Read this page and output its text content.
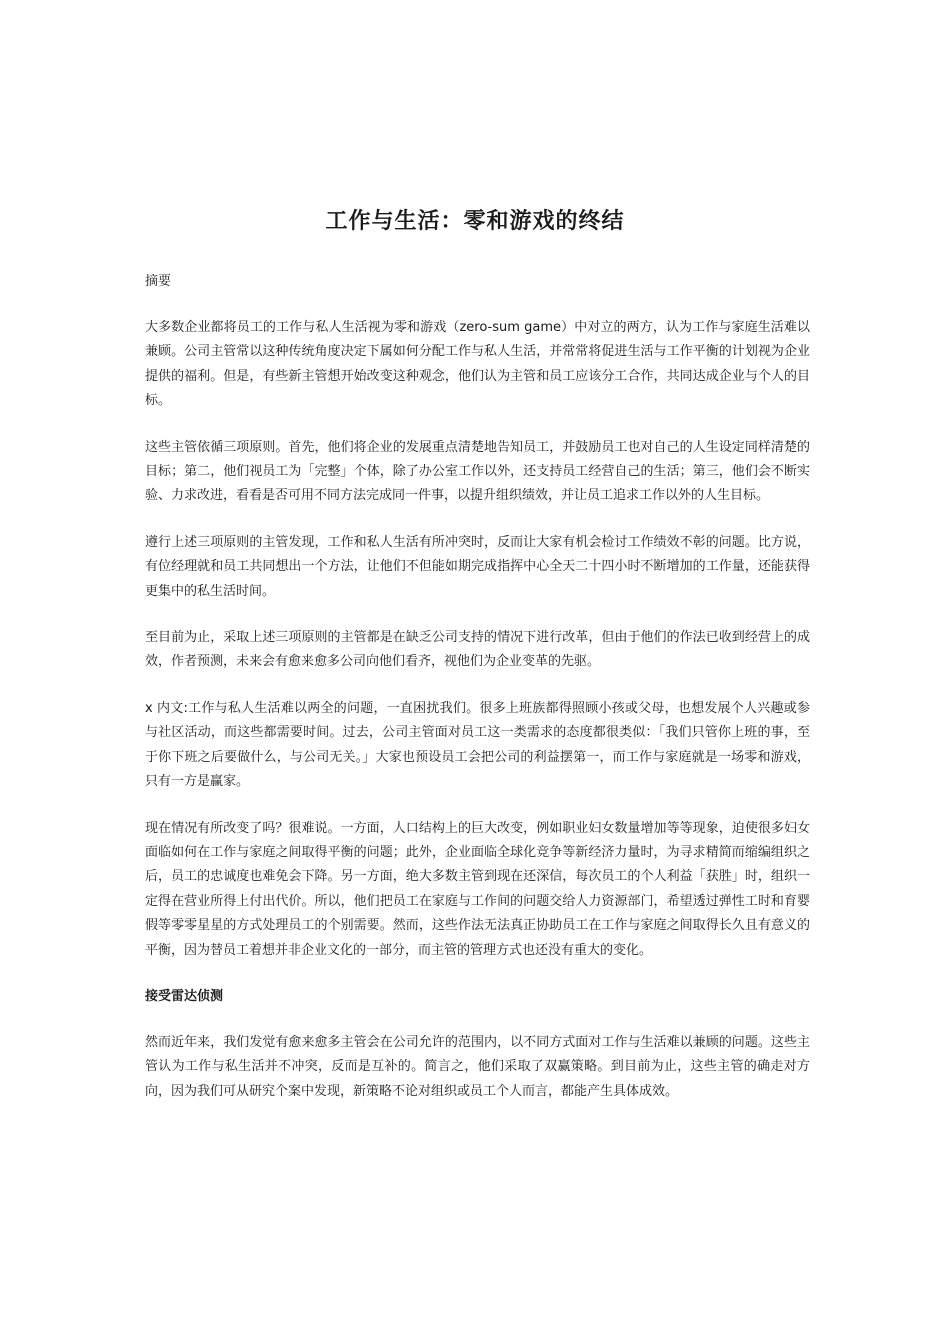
工作与生活：零和游戏的终结
摘要

大多数企业都将员工的工作与私人生活视为零和游戏（zero-sum game）中对立的两方，认为工作与家庭生活难以兼顾。公司主管常以这种传统角度决定下属如何分配工作与私人生活，并常常将促进生活与工作平衡的计划视为企业提供的福利。但是，有些新主管想开始改变这种观念，他们认为主管和员工应该分工合作，共同达成企业与个人的目标。

这些主管依循三项原则。首先，他们将企业的发展重点清楚地告知员工，并鼓励员工也对自己的人生设定同样清楚的目标；第二，他们视员工为「完整」个体，除了办公室工作以外，还支持员工经营自己的生活；第三，他们会不断实验、力求改进，看看是否可用不同方法完成同一件事，以提升组织绩效，并让员工追求工作以外的人生目标。

遵行上述三项原则的主管发现，工作和私人生活有所冲突时，反而让大家有机会检讨工作绩效不彰的问题。比方说，有位经理就和员工共同想出一个方法，让他们不但能如期完成指挥中心全天二十四小时不断增加的工作量，还能获得更集中的私生活时间。

至目前为止，采取上述三项原则的主管都是在缺乏公司支持的情况下进行改革，但由于他们的作法已收到经营上的成效，作者预测，未来会有愈来愈多公司向他们看齐，视他们为企业变革的先驱。

x 内文:工作与私人生活难以两全的问题，一直困扰我们。很多上班族都得照顾小孩或父母，也想发展个人兴趣或参与社区活动，而这些都需要时间。过去，公司主管面对员工这一类需求的态度都很类似：「我们只管你上班的事，至于你下班之后要做什么，与公司无关。」大家也预设员工会把公司的利益摆第一，而工作与家庭就是一场零和游戏，只有一方是赢家。

现在情况有所改变了吗？很难说。一方面，人口结构上的巨大改变，例如职业妇女数量增加等等现象，迫使很多妇女面临如何在工作与家庭之间取得平衡的问题；此外，企业面临全球化竞争等新经济力量时，为寻求精简而缩编组织之后，员工的忠诚度也难免会下降。另一方面，绝大多数主管到现在还深信，每次员工的个人利益「获胜」时，组织一定得在营业所得上付出代价。所以，他们把员工在家庭与工作间的问题交给人力资源部门，希望透过弹性工时和育婴假等零零星星的方式处理员工的个别需要。然而，这些作法无法真正协助员工在工作与家庭之间取得长久且有意义的平衡，因为替员工着想并非企业文化的一部分，而主管的管理方式也还没有重大的变化。

接受雷达侦测

然而近年来，我们发觉有愈来愈多主管会在公司允许的范围内，以不同方式面对工作与生活难以兼顾的问题。这些主管认为工作与私生活并不冲突，反而是互补的。简言之，他们采取了双赢策略。到目前为止，这些主管的确走对方向，因为我们可从研究个案中发现，新策略不论对组织或员工个人而言，都能产生具体成效。
